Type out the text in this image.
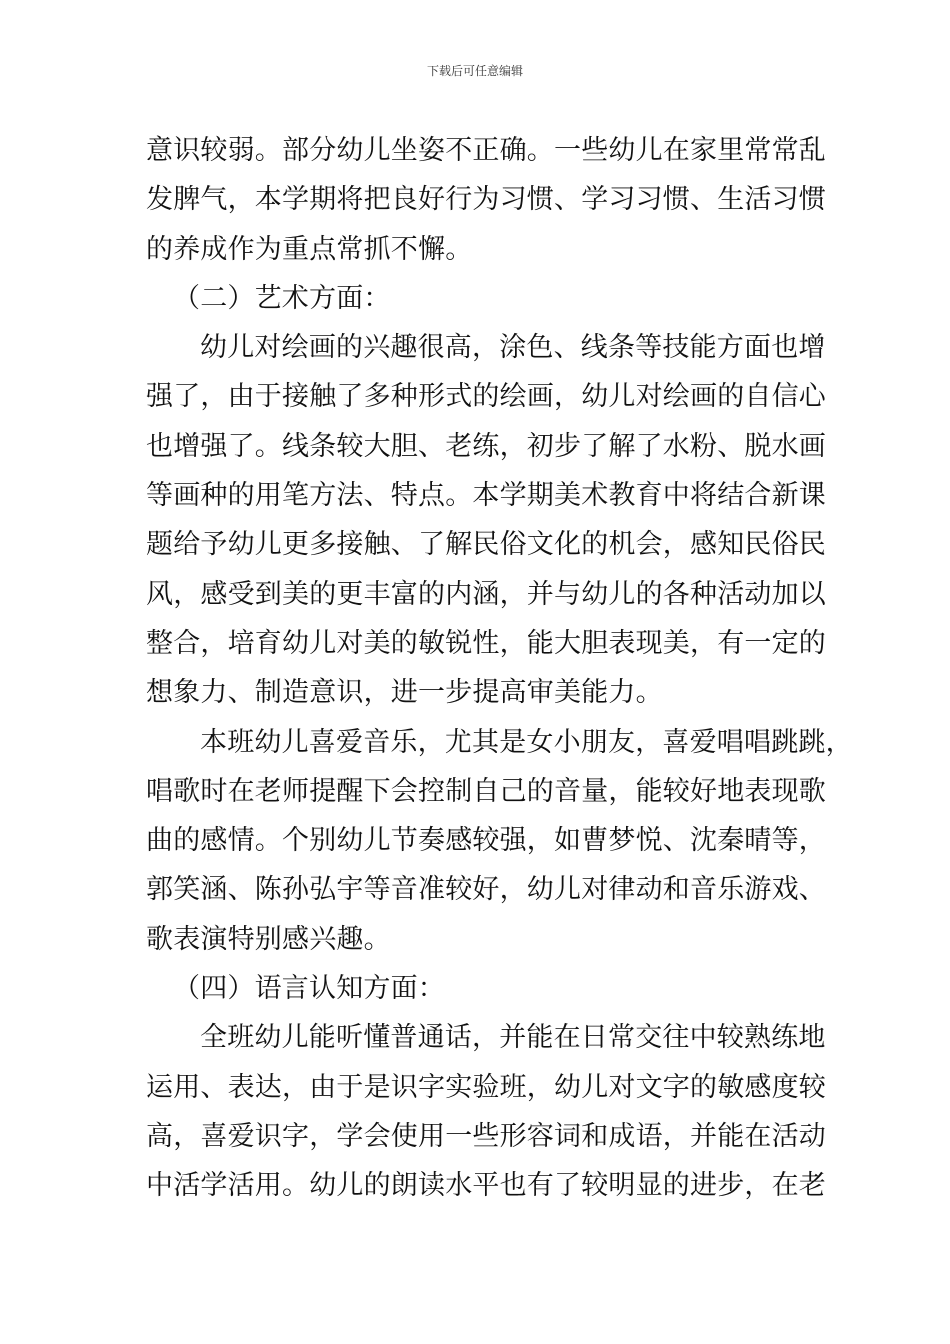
下载后可任意编辑
意识较弱。部分幼儿坐姿不正确。一些幼儿在家里常常乱
发脾气，本学期将把良好行为习惯、学习习惯、生活习惯
的养成作为重点常抓不懈。
（二）艺术方面：
幼儿对绘画的兴趣很高，涂色、线条等技能方面也增
强了，由于接触了多种形式的绘画，幼儿对绘画的自信心
也增强了。线条较大胆、老练，初步了解了水粉、脱水画
等画种的用笔方法、特点。本学期美术教育中将结合新课
题给予幼儿更多接触、了解民俗文化的机会，感知民俗民
风，感受到美的更丰富的内涵，并与幼儿的各种活动加以
整合，培育幼儿对美的敏锐性，能大胆表现美，有一定的
想象力、制造意识，进一步提高审美能力。
本班幼儿喜爱音乐，尤其是女小朋友，喜爱唱唱跳跳，
唱歌时在老师提醒下会控制自己的音量，能较好地表现歌
曲的感情。个别幼儿节奏感较强，如曹梦悦、沈秦晴等，
郭笑涵、陈孙弘宇等音准较好，幼儿对律动和音乐游戏、
歌表演特别感兴趣。
（四）语言认知方面：
全班幼儿能听懂普通话，并能在日常交往中较熟练地
运用、表达，由于是识字实验班，幼儿对文字的敏感度较
高，喜爱识字，学会使用一些形容词和成语，并能在活动
中活学活用。幼儿的朗读水平也有了较明显的进步，在老
